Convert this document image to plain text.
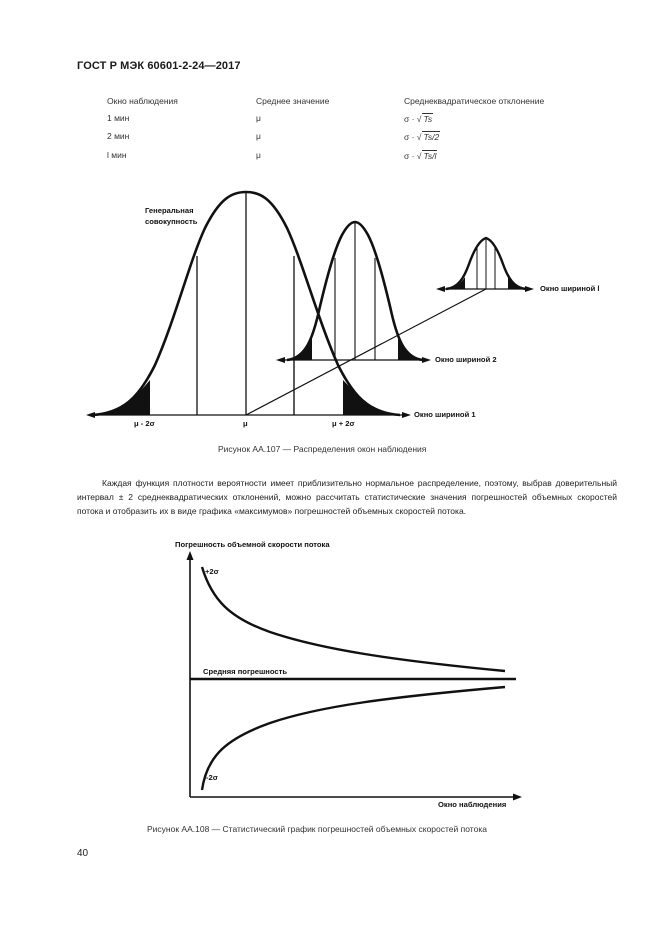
ГОСТ Р МЭК 60601-2-24—2017
Окно наблюдения	Среднее значение	Среднеквадратическое отклонение
1 мин	μ	σ · √ Ts
2 мин	μ	σ · √ Ts/2
l мин	μ	σ · √ Ts/l
Генеральная совокупность
Окно шириной l
Окно шириной 2
Окно шириной 1
μ - 2σ	μ	μ + 2σ
Рисунок АА.107 — Распределения окон наблюдения

Каждая функция плотности вероятности имеет приблизительно нормальное распределение, поэтому, выбрав доверительный интервал ± 2 среднеквадратических отклонений, можно рассчитать статистические значения погрешностей объемных скоростей потока и отобразить их в виде графика «максимумов» погрешностей объемных скоростей потока.

Погрешность объемной скорости потока
+2σ
Средняя погрешность
-2σ
Окно наблюдения
Рисунок АА.108 — Статистический график погрешностей объемных скоростей потока
40
